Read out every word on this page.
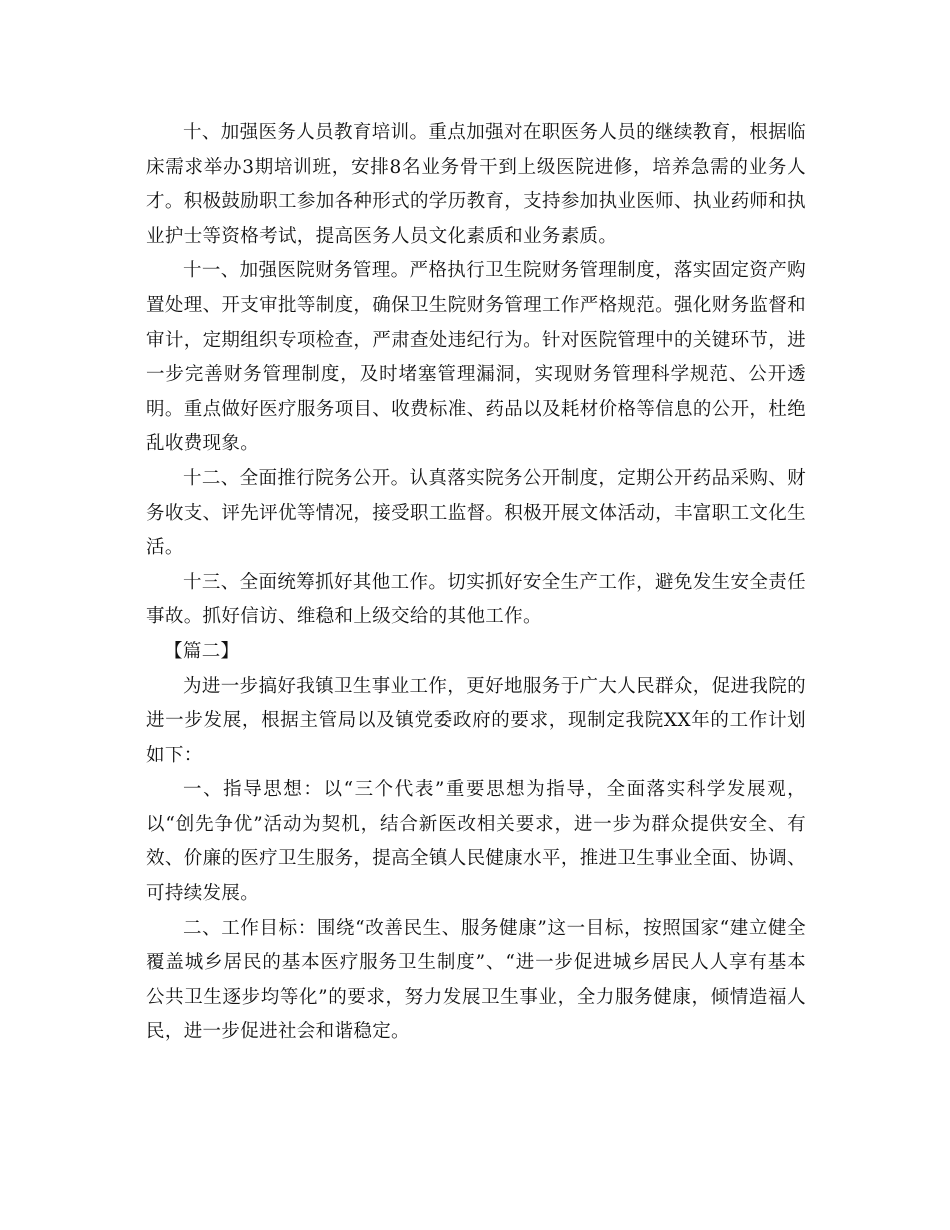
十、加强医务人员教育培训。重点加强对在职医务人员的继续教育，根据临床需求举办3期培训班，安排8名业务骨干到上级医院进修，培养急需的业务人才。积极鼓励职工参加各种形式的学历教育，支持参加执业医师、执业药师和执业护士等资格考试，提高医务人员文化素质和业务素质。

十一、加强医院财务管理。严格执行卫生院财务管理制度，落实固定资产购置处理、开支审批等制度，确保卫生院财务管理工作严格规范。强化财务监督和审计，定期组织专项检查，严肃查处违纪行为。针对医院管理中的关键环节，进一步完善财务管理制度，及时堵塞管理漏洞，实现财务管理科学规范、公开透明。重点做好医疗服务项目、收费标准、药品以及耗材价格等信息的公开，杜绝乱收费现象。

十二、全面推行院务公开。认真落实院务公开制度，定期公开药品采购、财务收支、评先评优等情况，接受职工监督。积极开展文体活动，丰富职工文化生活。

十三、全面统筹抓好其他工作。切实抓好安全生产工作，避免发生安全责任事故。抓好信访、维稳和上级交给的其他工作。

【篇二】

为进一步搞好我镇卫生事业工作，更好地服务于广大人民群众，促进我院的进一步发展，根据主管局以及镇党委政府的要求，现制定我院XX年的工作计划如下：

一、指导思想：以“三个代表”重要思想为指导，全面落实科学发展观，以“创先争优”活动为契机，结合新医改相关要求，进一步为群众提供安全、有效、价廉的医疗卫生服务，提高全镇人民健康水平，推进卫生事业全面、协调、可持续发展。

二、工作目标：围绕“改善民生、服务健康”这一目标，按照国家“建立健全覆盖城乡居民的基本医疗服务卫生制度”、“进一步促进城乡居民人人享有基本公共卫生逐步均等化”的要求，努力发展卫生事业，全力服务健康，倾情造福人民，进一步促进社会和谐稳定。
